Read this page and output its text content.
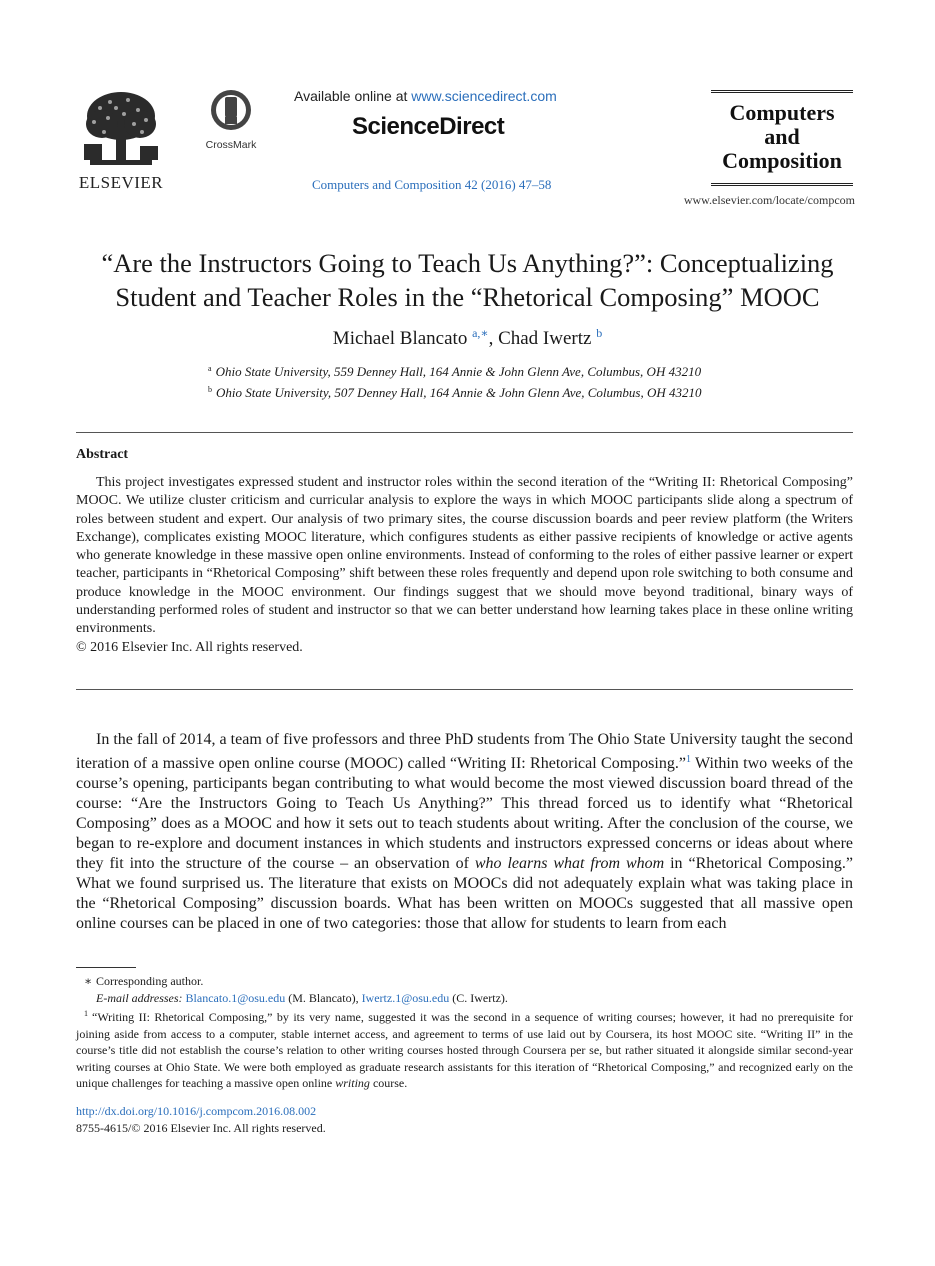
ELSEVIER
CrossMark
Available online at www.sciencedirect.com
ScienceDirect
Computers and Composition 42 (2016) 47–58
Computers
and
Composition
www.elsevier.com/locate/compcom
“Are the Instructors Going to Teach Us Anything?”: Conceptualizing Student and Teacher Roles in the “Rhetorical Composing” MOOC
Michael Blancato $^{a,∗}$, Chad Iwertz $^b$
$^a$ Ohio State University, 559 Denney Hall, 164 Annie & John Glenn Ave, Columbus, OH 43210
$^b$ Ohio State University, 507 Denney Hall, 164 Annie & John Glenn Ave, Columbus, OH 43210
Abstract
This project investigates expressed student and instructor roles within the second iteration of the “Writing II: Rhetorical Composing” MOOC. We utilize cluster criticism and curricular analysis to explore the ways in which MOOC participants slide along a spectrum of roles between student and expert. Our analysis of two primary sites, the course discussion boards and peer review platform (the Writers Exchange), complicates existing MOOC literature, which configures students as either passive recipients of knowledge or active agents who generate knowledge in these massive open online environments. Instead of conforming to the roles of either passive learner or expert teacher, participants in “Rhetorical Composing” shift between these roles frequently and depend upon role switching to both consume and produce knowledge in the MOOC environment. Our findings suggest that we should move beyond traditional, binary ways of understanding performed roles of student and instructor so that we can better understand how learning takes place in these online writing environments.
© 2016 Elsevier Inc. All rights reserved.
In the fall of 2014, a team of five professors and three PhD students from The Ohio State University taught the second iteration of a massive open online course (MOOC) called “Writing II: Rhetorical Composing.”$^1$ Within two weeks of the course’s opening, participants began contributing to what would become the most viewed discussion board thread of the course: “Are the Instructors Going to Teach Us Anything?” This thread forced us to identify what “Rhetorical Composing” does as a MOOC and how it sets out to teach students about writing. After the conclusion of the course, we began to re-explore and document instances in which students and instructors expressed concerns or ideas about where they fit into the structure of the course – an observation of who learns what from whom in “Rhetorical Composing.” What we found surprised us. The literature that exists on MOOCs did not adequately explain what was taking place in the “Rhetorical Composing” discussion boards. What has been written on MOOCs suggested that all massive open online courses can be placed in one of two categories: those that allow for students to learn from each
∗ Corresponding author.
E-mail addresses: Blancato.1@osu.edu (M. Blancato), Iwertz.1@osu.edu (C. Iwertz).
$^1$ “Writing II: Rhetorical Composing,” by its very name, suggested it was the second in a sequence of writing courses; however, it had no prerequisite for joining aside from access to a computer, stable internet access, and agreement to terms of use laid out by Coursera, its host MOOC site. “Writing II” in the course’s title did not establish the course’s relation to other writing courses hosted through Coursera per se, but rather situated it alongside similar second-year writing courses at Ohio State. We were both employed as graduate research assistants for this iteration of “Rhetorical Composing,” and recognized early on the unique challenges for teaching a massive open online writing course.
http://dx.doi.org/10.1016/j.compcom.2016.08.002
8755-4615/© 2016 Elsevier Inc. All rights reserved.
